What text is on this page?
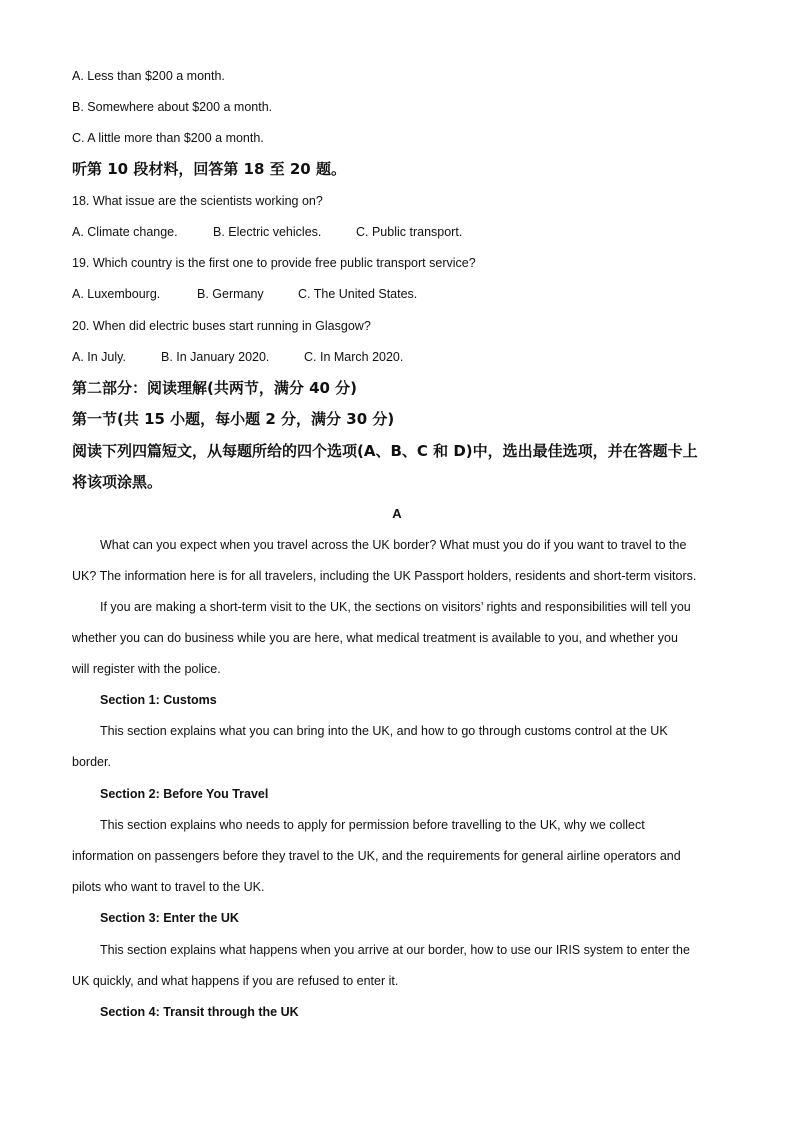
A. Less than $200 a month.
B. Somewhere about $200 a month.
C. A little more than $200 a month.
听第 10 段材料，回答第 18 至 20 题。
18. What issue are the scientists working on?
A. Climate change.	B. Electric vehicles.	C. Public transport.
19. Which country is the first one to provide free public transport service?
A. Luxembourg.	B. Germany	C. The United States.
20. When did electric buses start running in Glasgow?
A. In July.	B. In January 2020.	C. In March 2020.
第二部分：阅读理解(共两节，满分 40 分)
第一节(共 15 小题，每小题 2 分，满分 30 分)
阅读下列四篇短文，从每题所给的四个选项(A、B、C 和 D)中，选出最佳选项，并在答题卡上
将该项涂黑。
A
What can you expect when you travel across the UK border? What must you do if you want to travel to the
UK? The information here is for all travelers, including the UK Passport holders, residents and short-term visitors.
If you are making a short-term visit to the UK, the sections on visitors’ rights and responsibilities will tell you
whether you can do business while you are here, what medical treatment is available to you, and whether you
will register with the police.
Section 1: Customs
This section explains what you can bring into the UK, and how to go through customs control at the UK
border.
Section 2: Before You Travel
This section explains who needs to apply for permission before travelling to the UK, why we collect
information on passengers before they travel to the UK, and the requirements for general airline operators and
pilots who want to travel to the UK.
Section 3: Enter the UK
This section explains what happens when you arrive at our border, how to use our IRIS system to enter the
UK quickly, and what happens if you are refused to enter it.
Section 4: Transit through the UK
